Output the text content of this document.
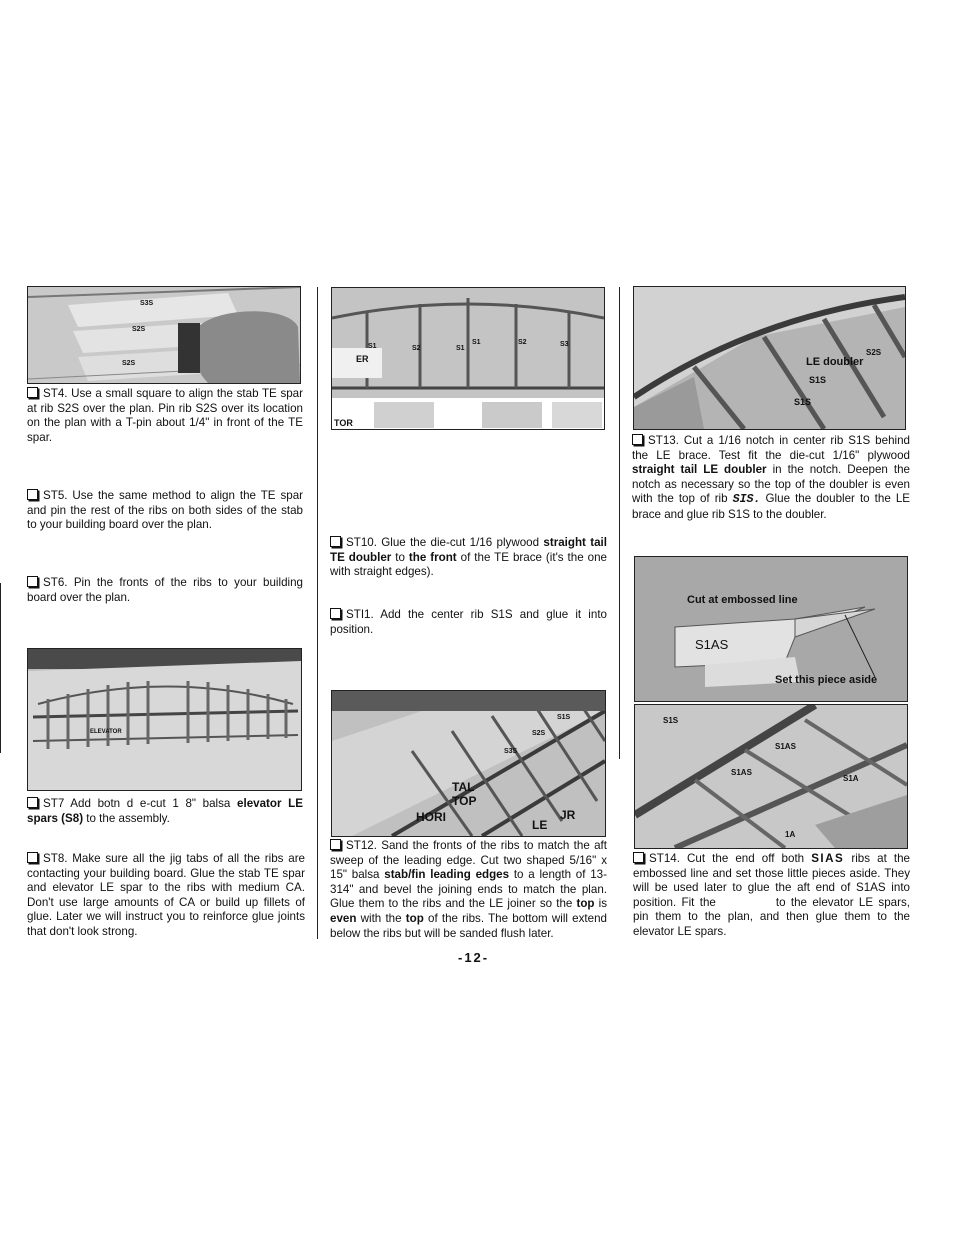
S3S
S2S
S2S

ST4. Use a small square to align the stab TE spar at rib S2S over the plan. Pin rib S2S over its location on the plan with a T-pin about 1/4" in front of the TE spar.

ST5. Use the same method to align the TE spar and pin the rest of the ribs on both sides of the stab to your building board over the plan.

ST6. Pin the fronts of the ribs to your building board over the plan.

ELEVATOR

ST7 Add botn d e-cut 1 8" balsa elevator LE spars (S8) to the assembly.

ST8. Make sure all the jig tabs of all the ribs are contacting your building board. Glue the stab TE spar and elevator LE spar to the ribs with medium CA. Don't use large amounts of CA or build up fillets of glue. Later we will instruct you to reinforce glue joints that don't look strong.

S1	S2	S1
S1	S2	S3
ER
TOR

ST10. Glue the die-cut 1/16 plywood straight tail TE doubler to the front of the TE brace (it's the one with straight edges).

STI1. Add the center rib S1S and glue it into position.

S1S
S2S
S3S
HORI
TAL
TOP
LE
JR

ST12. Sand the fronts of the ribs to match the aft sweep of the leading edge. Cut two shaped 5/16" x 15" balsa stab/fin leading edges to a length of 13-314" and bevel the joining ends to match the plan. Glue them to the ribs and the LE joiner so the top is even with the top of the ribs. The bottom will extend below the ribs but will be sanded flush later.

LE doubler
S1S
S1S
S2S

ST13. Cut a 1/16 notch in center rib S1S behind the LE brace. Test fit the die-cut 1/16" plywood straight tail LE doubler in the notch. Deepen the notch as necessary so the top of the doubler is even with the top of rib SIS. Glue the doubler to the LE brace and glue rib S1S to the doubler.

Cut at embossed line
S1AS
Set this piece aside
S1S
S1AS
S1A
S1AS
1A

ST14. Cut the end off both SIAS ribs at the embossed line and set those little pieces aside. They will be used later to glue the aft end of S1AS into position. Fit the	to the elevator LE spars, pin them to the plan, and then glue them to the elevator LE spars.

-12-
